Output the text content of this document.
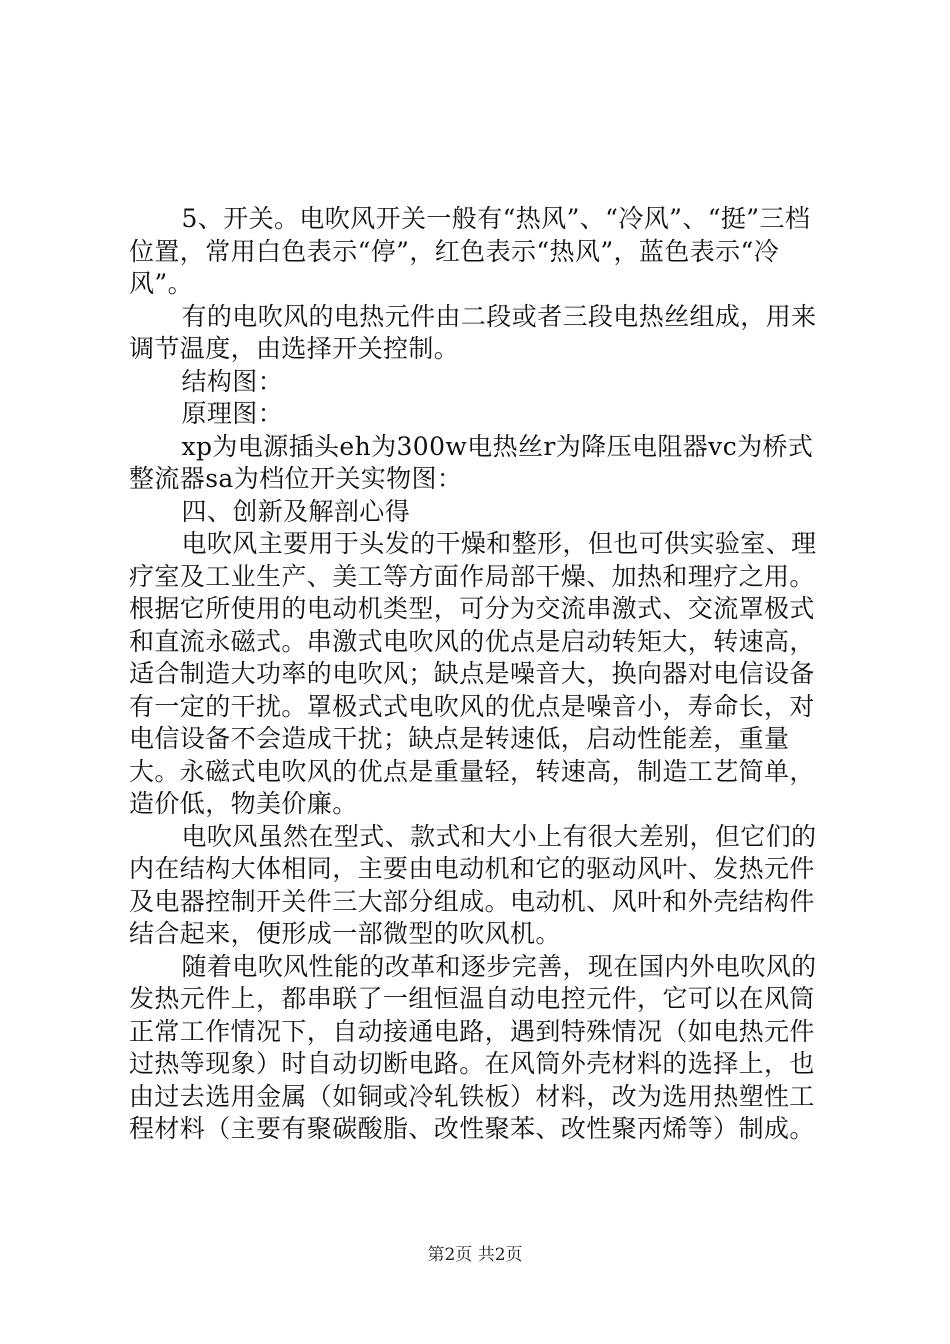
5、开关。电吹风开关一般有“热风”、“冷风”、“挺”三档位置，常用白色表示“停”，红色表示“热风”，蓝色表示“冷风”。

有的电吹风的电热元件由二段或者三段电热丝组成，用来调节温度，由选择开关控制。

结构图：

原理图：

xp为电源插头eh为300w电热丝r为降压电阻器vc为桥式整流器sa为档位开关实物图：

四、创新及解剖心得

电吹风主要用于头发的干燥和整形，但也可供实验室、理疗室及工业生产、美工等方面作局部干燥、加热和理疗之用。根据它所使用的电动机类型，可分为交流串激式、交流罩极式和直流永磁式。串激式电吹风的优点是启动转矩大，转速高，适合制造大功率的电吹风；缺点是噪音大，换向器对电信设备有一定的干扰。罩极式式电吹风的优点是噪音小，寿命长，对电信设备不会造成干扰；缺点是转速低，启动性能差，重量大。永磁式电吹风的优点是重量轻，转速高，制造工艺简单，造价低，物美价廉。

电吹风虽然在型式、款式和大小上有很大差别，但它们的内在结构大体相同，主要由电动机和它的驱动风叶、发热元件及电器控制开关件三大部分组成。电动机、风叶和外壳结构件结合起来，便形成一部微型的吹风机。

随着电吹风性能的改革和逐步完善，现在国内外电吹风的发热元件上，都串联了一组恒温自动电控元件，它可以在风筒正常工作情况下，自动接通电路，遇到特殊情况（如电热元件过热等现象）时自动切断电路。在风筒外壳材料的选择上，也由过去选用金属（如铜或冷轧铁板）材料，改为选用热塑性工程材料（主要有聚碳酸脂、改性聚苯、改性聚丙烯等）制成。

第2页 共2页
